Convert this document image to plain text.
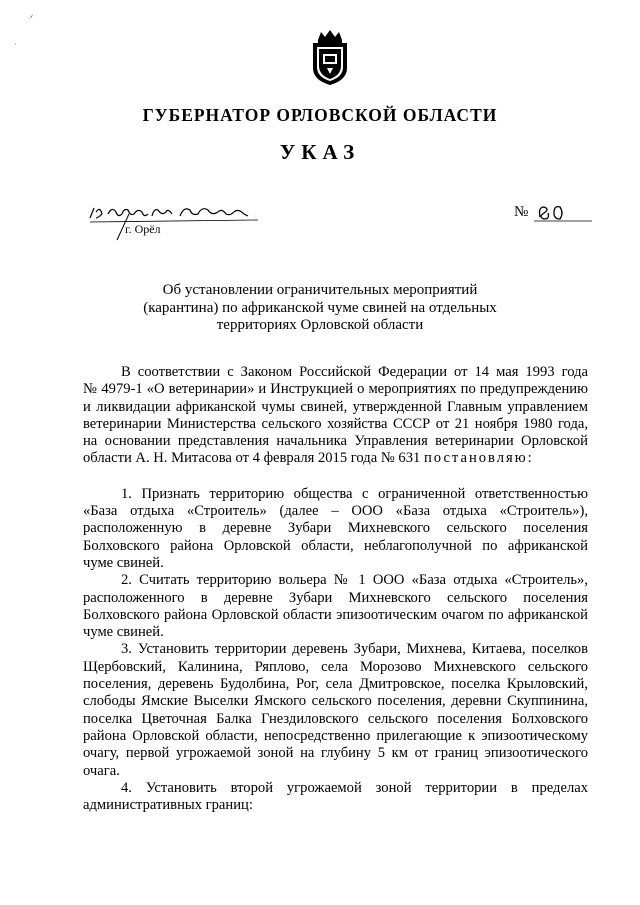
٫
·
ГУБЕРНАТОР ОРЛОВСКОЙ ОБЛАСТИ
УКАЗ
г. Орёл
№
Об установлении ограничительных мероприятий
(карантина) по африканской чуме свиней на отдельных
территориях Орловской области
В соответствии с Законом Российской Федерации от 14 мая 1993 года
№ 4979-1 «О ветеринарии» и Инструкцией о мероприятиях по предупреждению
и ликвидации африканской чумы свиней, утвержденной Главным управлением
ветеринарии Министерства сельского хозяйства СССР от 21 ноября 1980 года,
на основании представления начальника Управления ветеринарии Орловской
области А. Н. Митасова от 4 февраля 2015 года № 631 постановляю:
1. Признать территорию общества с ограниченной ответственностью
«База отдыха «Строитель» (далее – ООО «База отдыха «Строитель»),
расположенную в деревне Зубари Михневского сельского поселения
Болховского района Орловской области, неблагополучной по африканской
чуме свиней.
2. Считать территорию вольера № 1 ООО «База отдыха «Строитель»,
расположенного в деревне Зубари Михневского сельского поселения
Болховского района Орловской области эпизоотическим очагом по африканской
чуме свиней.
3. Установить территории деревень Зубари, Михнева, Китаева, поселков
Щербовский, Калинина, Ряплово, села Морозово Михневского сельского
поселения, деревень Будолбина, Рог, села Дмитровское, поселка Крыловский,
слободы Ямские Выселки Ямского сельского поселения, деревни Скуппинина,
поселка Цветочная Балка Гнездиловского сельского поселения Болховского
района Орловской области, непосредственно прилегающие к эпизоотическому
очагу, первой угрожаемой зоной на глубину 5 км от границ эпизоотического
очага.
4. Установить второй угрожаемой зоной территории в пределах
административных границ:
